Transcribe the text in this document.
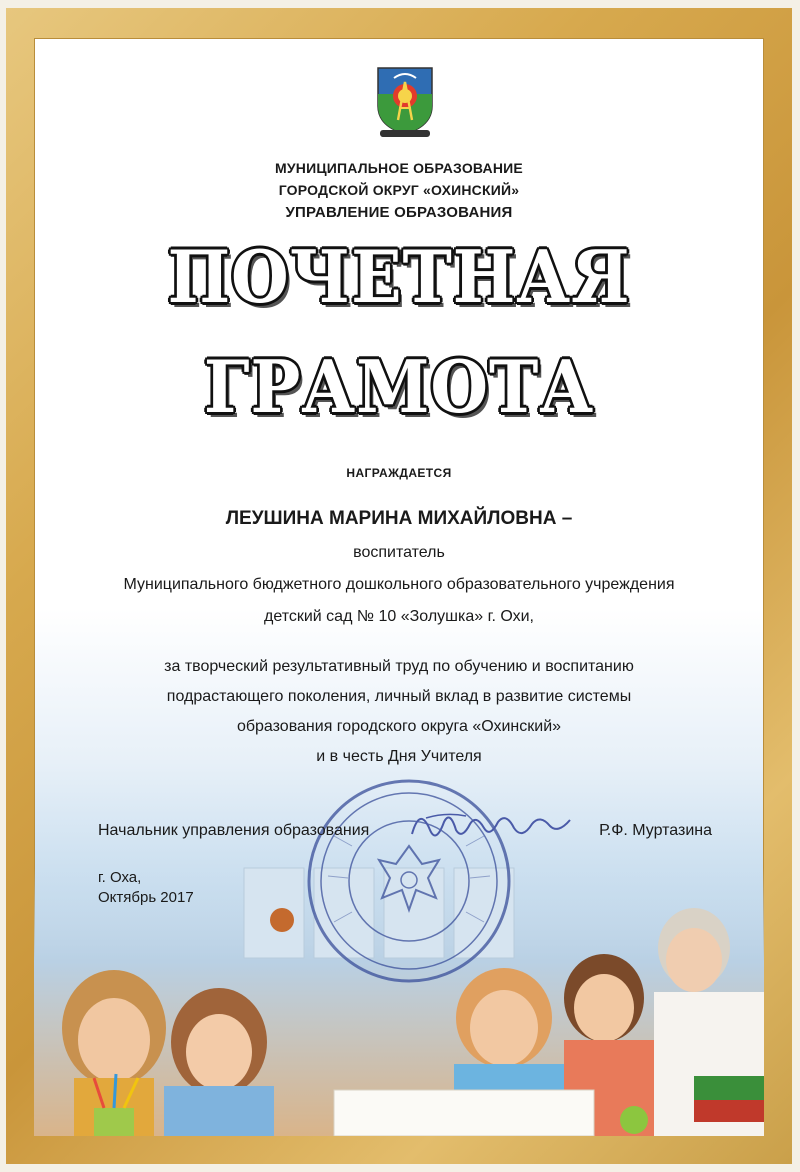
МУНИЦИПАЛЬНОЕ ОБРАЗОВАНИЕ
ГОРОДСКОЙ ОКРУГ «ОХИНСКИЙ»
УПРАВЛЕНИЕ ОБРАЗОВАНИЯ
ПОЧЕТНАЯ
ГРАМОТА
НАГРАЖДАЕТСЯ
ЛЕУШИНА МАРИНА МИХАЙЛОВНА –
воспитатель
Муниципального бюджетного дошкольного образовательного учреждения
детский сад № 10 «Золушка» г. Охи,
за творческий результативный труд по обучению и воспитанию
подрастающего поколения, личный вклад в развитие системы
образования городского округа «Охинский»
и в честь Дня Учителя
Начальник управления образования	Р.Ф. Муртазина
г. Оха,
Октябрь 2017
